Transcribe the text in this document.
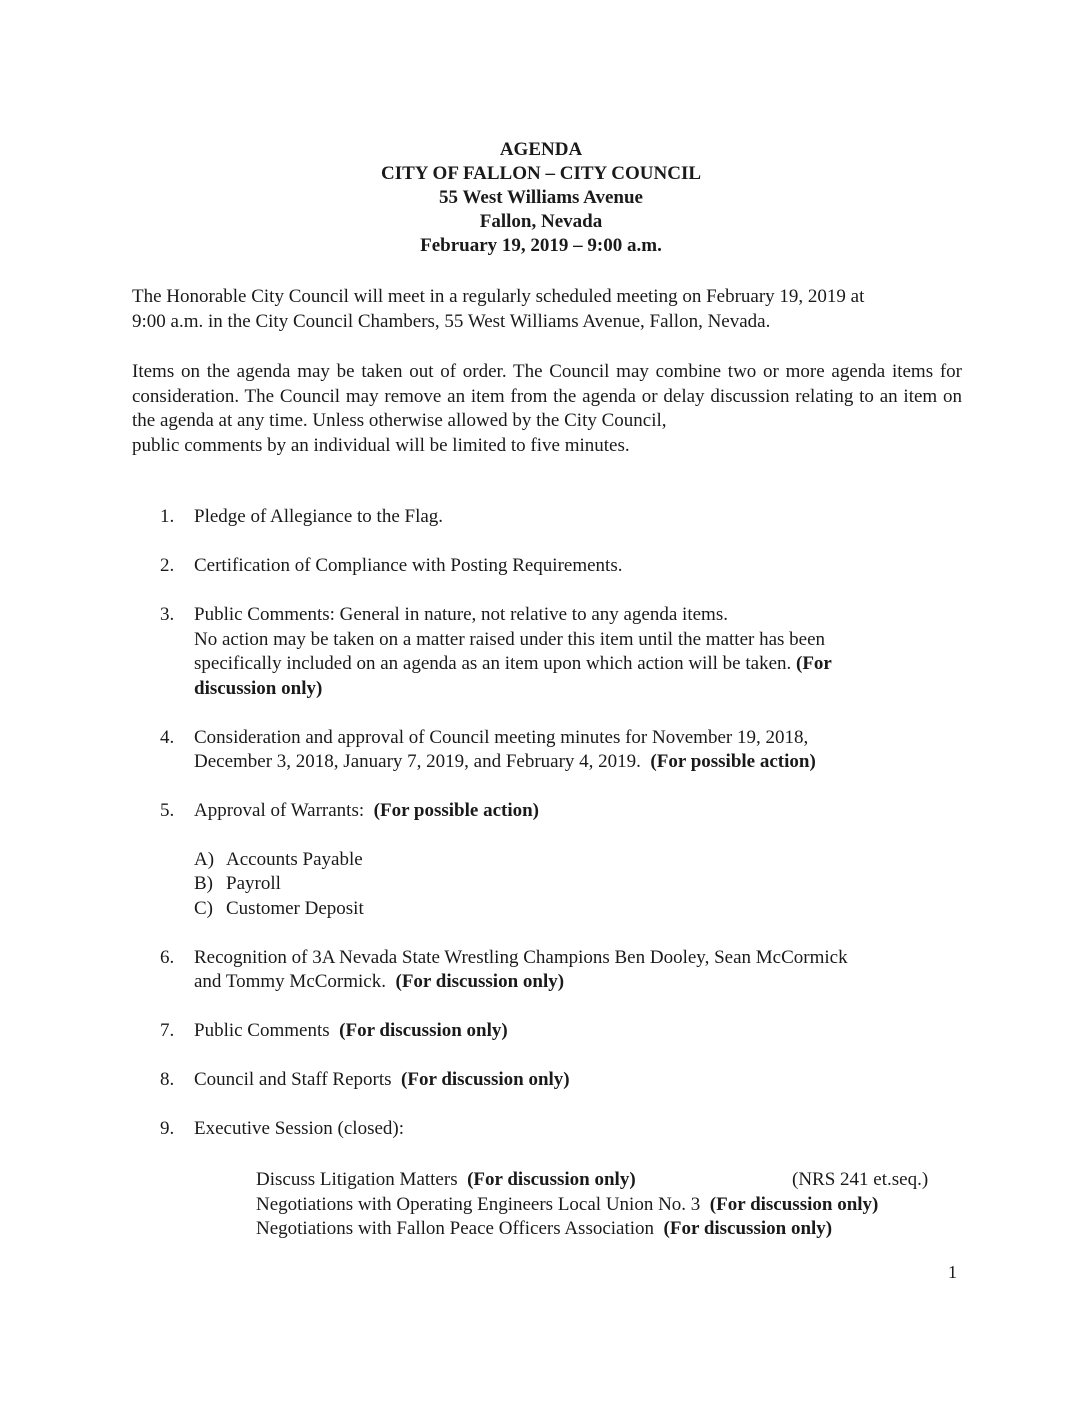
AGENDA
CITY OF FALLON – CITY COUNCIL
55 West Williams Avenue
Fallon, Nevada
February 19, 2019 – 9:00 a.m.
The Honorable City Council will meet in a regularly scheduled meeting on February 19, 2019 at
9:00 a.m. in the City Council Chambers, 55 West Williams Avenue, Fallon, Nevada.
Items on the agenda may be taken out of order. The Council may combine two or more agenda items for consideration. The Council may remove an item from the agenda or delay discussion relating to an item on the agenda at any time. Unless otherwise allowed by the City Council,
public comments by an individual will be limited to five minutes.
1. Pledge of Allegiance to the Flag.
2. Certification of Compliance with Posting Requirements.
3. Public Comments: General in nature, not relative to any agenda items.
No action may be taken on a matter raised under this item until the matter has been
specifically included on an agenda as an item upon which action will be taken. (For
discussion only)
4. Consideration and approval of Council meeting minutes for November 19, 2018,
December 3, 2018, January 7, 2019, and February 4, 2019. (For possible action)
5. Approval of Warrants: (For possible action)
A) Accounts Payable
B) Payroll
C) Customer Deposit
6. Recognition of 3A Nevada State Wrestling Champions Ben Dooley, Sean McCormick
and Tommy McCormick. (For discussion only)
7. Public Comments (For discussion only)
8. Council and Staff Reports (For discussion only)
9. Executive Session (closed):
Discuss Litigation Matters (For discussion only)	(NRS 241 et.seq.)
Negotiations with Operating Engineers Local Union No. 3 (For discussion only)
Negotiations with Fallon Peace Officers Association (For discussion only)
1
